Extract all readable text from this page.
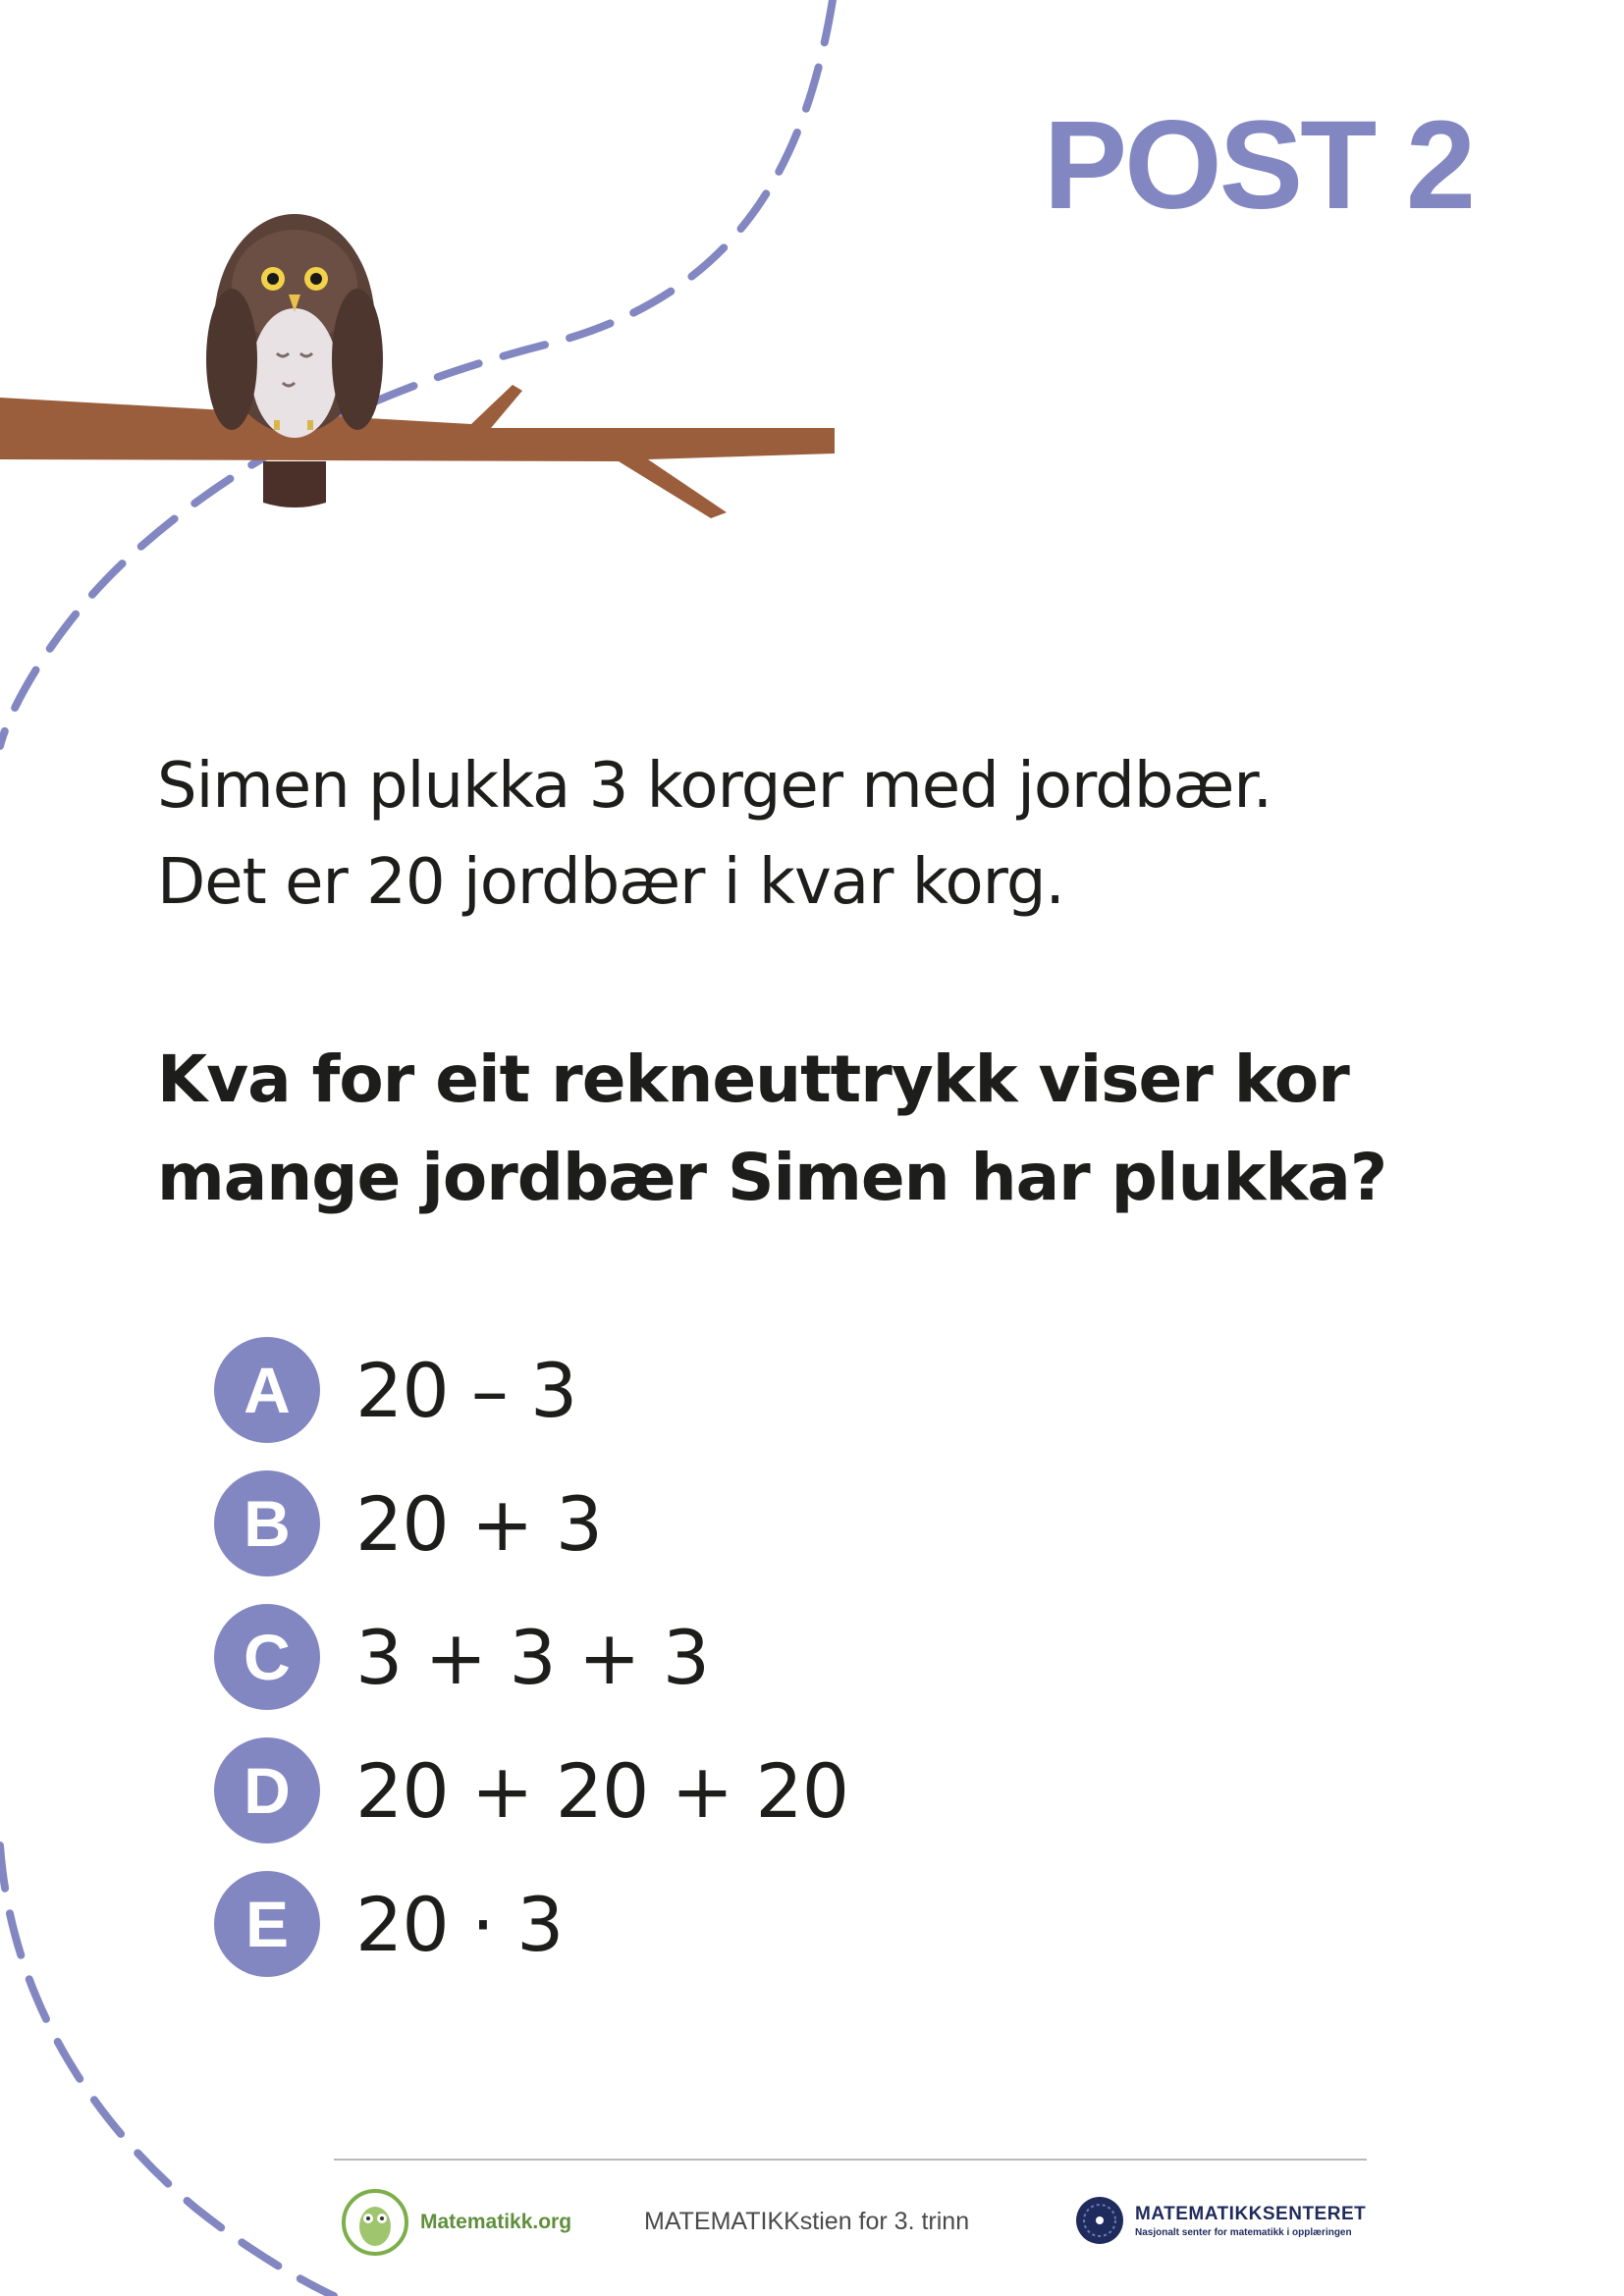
POST 2
Simen plukka 3 korger med jordbær.
Det er 20 jordbær i kvar korg.
Kva for eit rekneuttrykk viser kor
mange jordbær Simen har plukka?
A 20 – 3
B 20 + 3
C 3 + 3 + 3
D 20 + 20 + 20
E 20 · 3
Matematikk.org	MATEMATIKKstien for 3. trinn	MATEMATIKKSENTERET
Nasjonalt senter for matematikk i opplæringen
